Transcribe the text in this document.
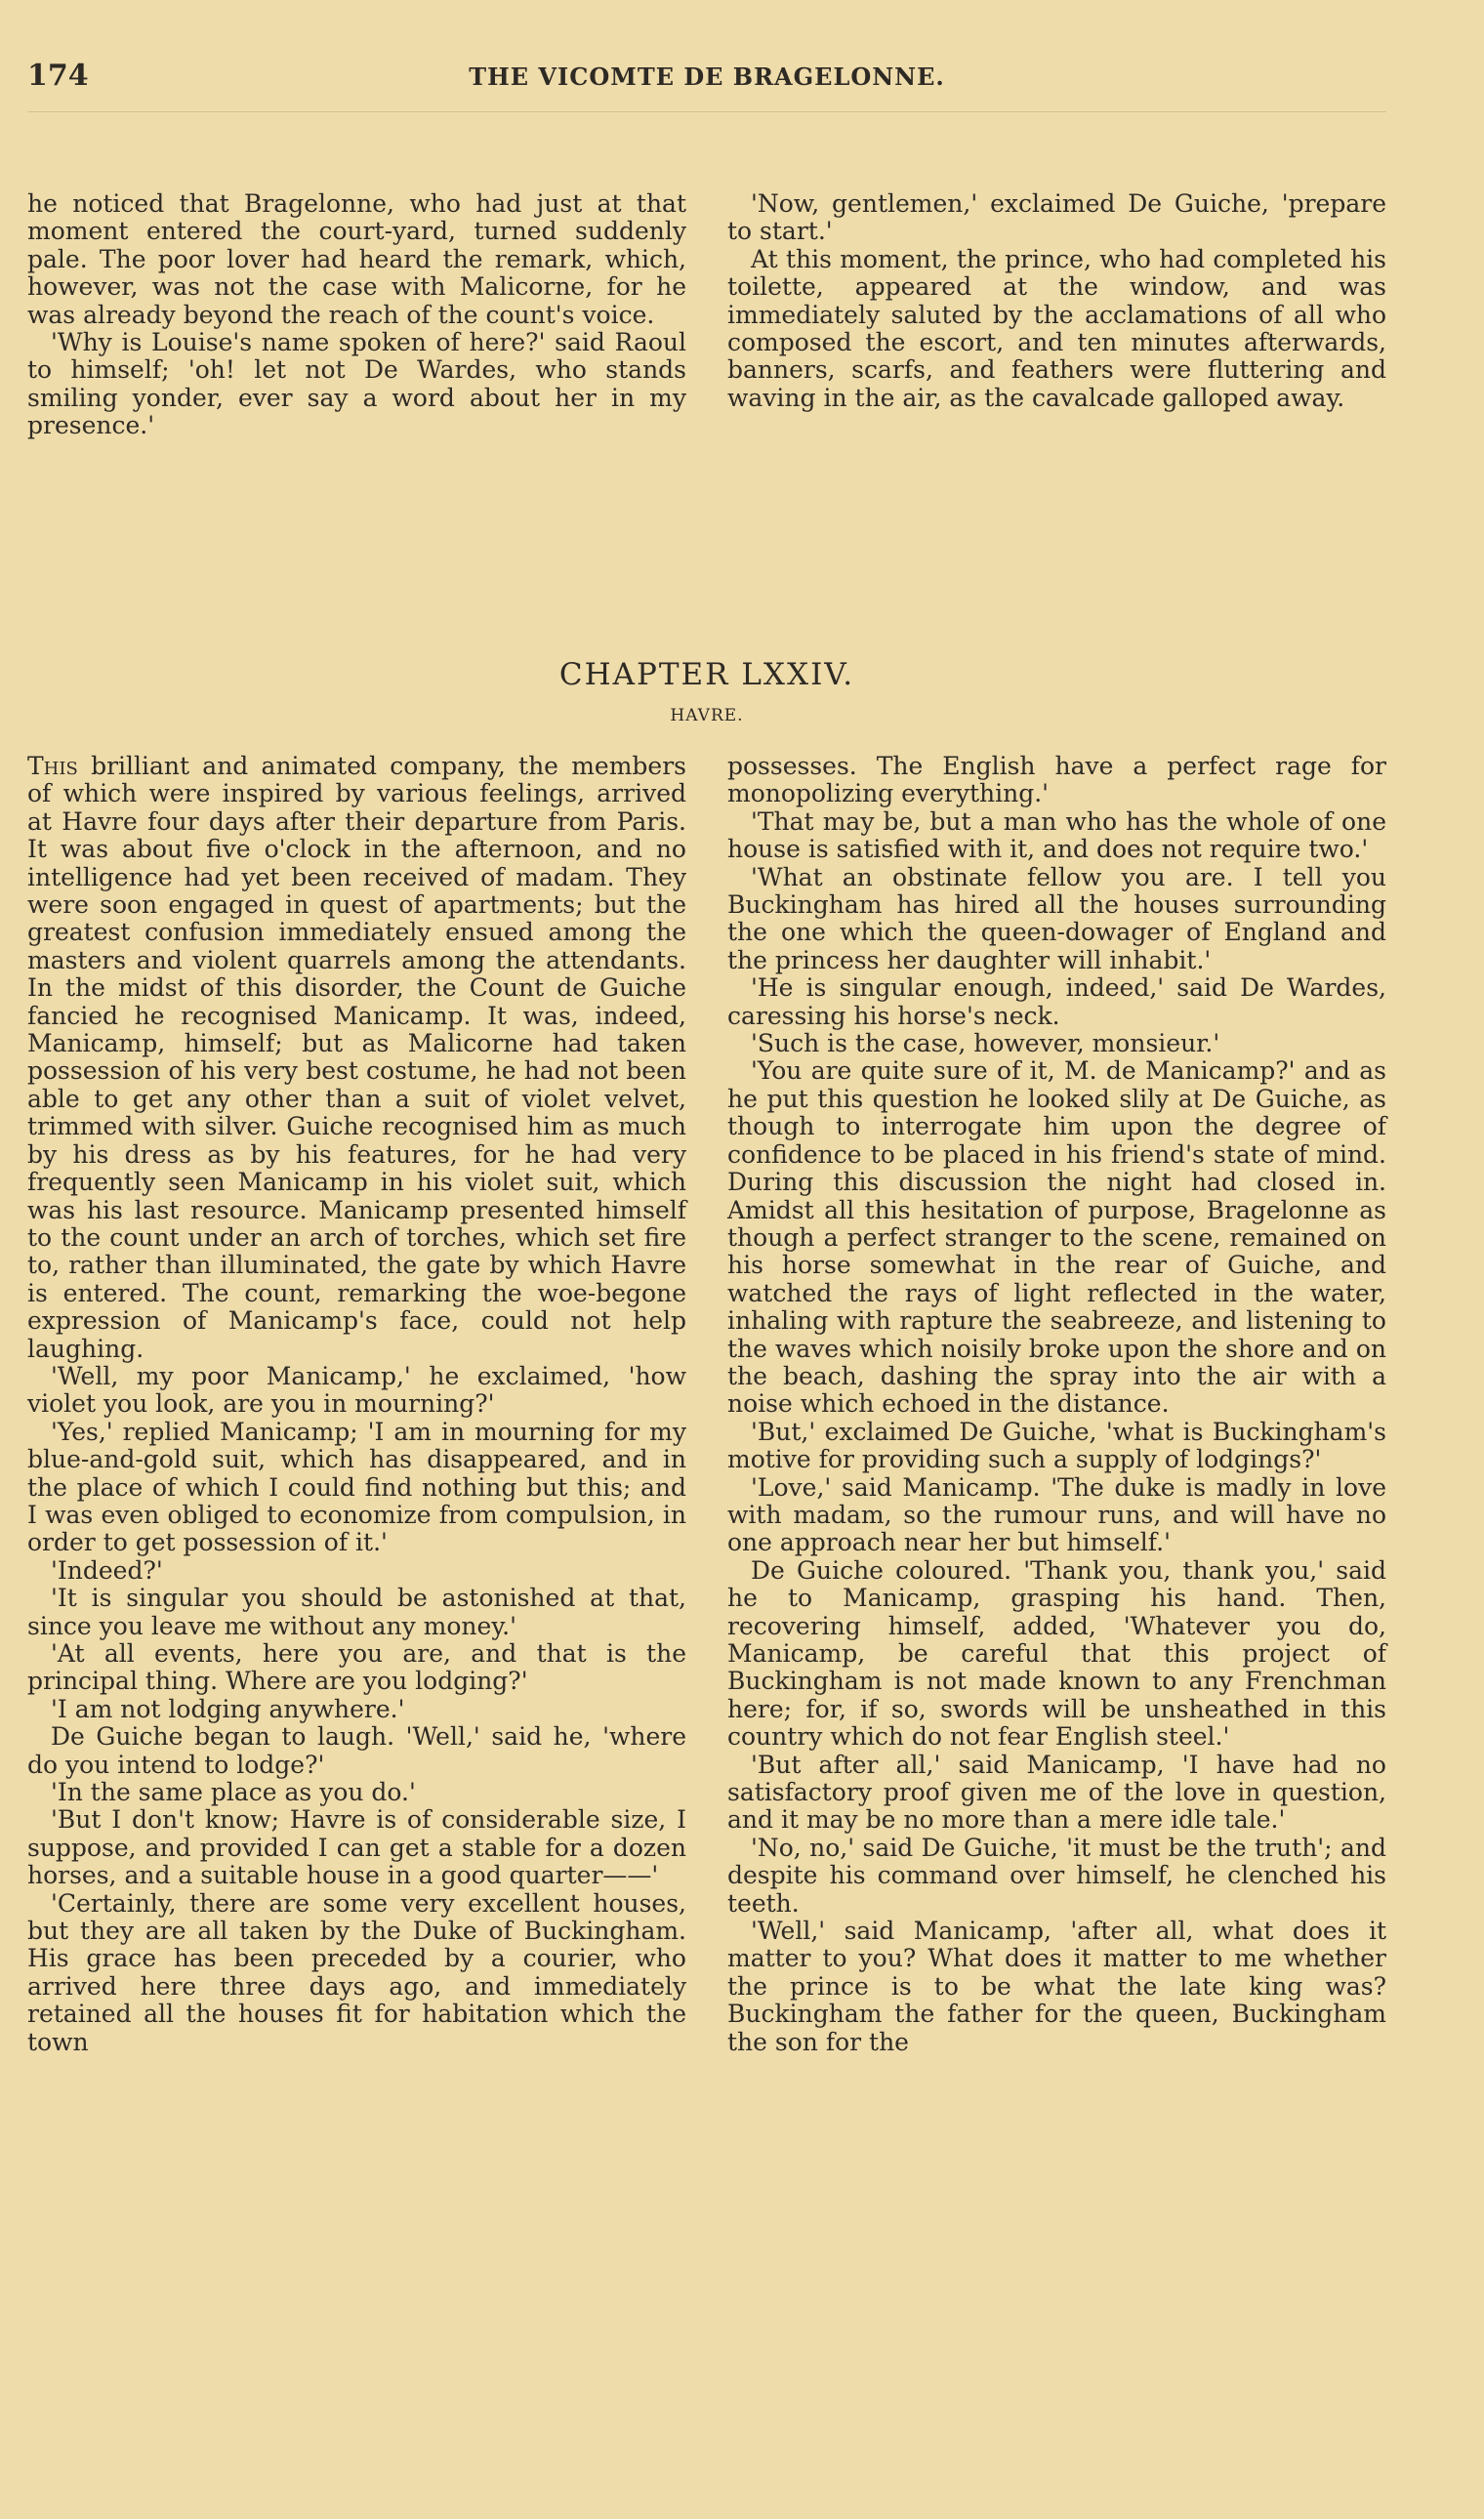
174	THE VICOMTE DE BRAGELONNE.

he noticed that Bragelonne, who had just at that moment entered the court-yard, turned suddenly pale. The poor lover had heard the remark, which, however, was not the case with Malicorne, for he was already beyond the reach of the count's voice.

'Why is Louise's name spoken of here?' said Raoul to himself; 'oh! let not De Wardes, who stands smiling yonder, ever say a word about her in my presence.'

'Now, gentlemen,' exclaimed De Guiche, 'prepare to start.'

At this moment, the prince, who had completed his toilette, appeared at the window, and was immediately saluted by the acclamations of all who composed the escort, and ten minutes afterwards, banners, scarfs, and feathers were fluttering and waving in the air, as the cavalcade galloped away.

CHAPTER LXXIV.
HAVRE.

This brilliant and animated company, the members of which were inspired by various feelings, arrived at Havre four days after their departure from Paris. It was about five o'clock in the afternoon, and no intelligence had yet been received of madam. They were soon engaged in quest of apartments; but the greatest confusion immediately ensued among the masters and violent quarrels among the attendants. In the midst of this disorder, the Count de Guiche fancied he recognised Manicamp. It was, indeed, Manicamp, himself; but as Malicorne had taken possession of his very best costume, he had not been able to get any other than a suit of violet velvet, trimmed with silver. Guiche recognised him as much by his dress as by his features, for he had very frequently seen Manicamp in his violet suit, which was his last resource. Manicamp presented himself to the count under an arch of torches, which set fire to, rather than illuminated, the gate by which Havre is entered. The count, remarking the woe-begone expression of Manicamp's face, could not help laughing.

'Well, my poor Manicamp,' he exclaimed, 'how violet you look, are you in mourning?'

'Yes,' replied Manicamp; 'I am in mourning for my blue-and-gold suit, which has disappeared, and in the place of which I could find nothing but this; and I was even obliged to economize from compulsion, in order to get possession of it.'

'Indeed?'

'It is singular you should be astonished at that, since you leave me without any money.'

'At all events, here you are, and that is the principal thing. Where are you lodging?'

'I am not lodging anywhere.'

De Guiche began to laugh. 'Well,' said he, 'where do you intend to lodge?'

'In the same place as you do.'

'But I don't know; Havre is of considerable size, I suppose, and provided I can get a stable for a dozen horses, and a suitable house in a good quarter——'

'Certainly, there are some very excellent houses, but they are all taken by the Duke of Buckingham. His grace has been preceded by a courier, who arrived here three days ago, and immediately retained all the houses fit for habitation which the town

possesses. The English have a perfect rage for monopolizing everything.'

'That may be, but a man who has the whole of one house is satisfied with it, and does not require two.'

'What an obstinate fellow you are. I tell you Buckingham has hired all the houses surrounding the one which the queen-dowager of England and the princess her daughter will inhabit.'

'He is singular enough, indeed,' said De Wardes, caressing his horse's neck.

'Such is the case, however, monsieur.'

'You are quite sure of it, M. de Manicamp?' and as he put this question he looked slily at De Guiche, as though to interrogate him upon the degree of confidence to be placed in his friend's state of mind. During this discussion the night had closed in. Amidst all this hesitation of purpose, Bragelonne as though a perfect stranger to the scene, remained on his horse somewhat in the rear of Guiche, and watched the rays of light reflected in the water, inhaling with rapture the seabreeze, and listening to the waves which noisily broke upon the shore and on the beach, dashing the spray into the air with a noise which echoed in the distance.

'But,' exclaimed De Guiche, 'what is Buckingham's motive for providing such a supply of lodgings?'

'Love,' said Manicamp. 'The duke is madly in love with madam, so the rumour runs, and will have no one approach near her but himself.'

De Guiche coloured. 'Thank you, thank you,' said he to Manicamp, grasping his hand. Then, recovering himself, added, 'Whatever you do, Manicamp, be careful that this project of Buckingham is not made known to any Frenchman here; for, if so, swords will be unsheathed in this country which do not fear English steel.'

'But after all,' said Manicamp, 'I have had no satisfactory proof given me of the love in question, and it may be no more than a mere idle tale.'

'No, no,' said De Guiche, 'it must be the truth'; and despite his command over himself, he clenched his teeth.

'Well,' said Manicamp, 'after all, what does it matter to you? What does it matter to me whether the prince is to be what the late king was? Buckingham the father for the queen, Buckingham the son for the
